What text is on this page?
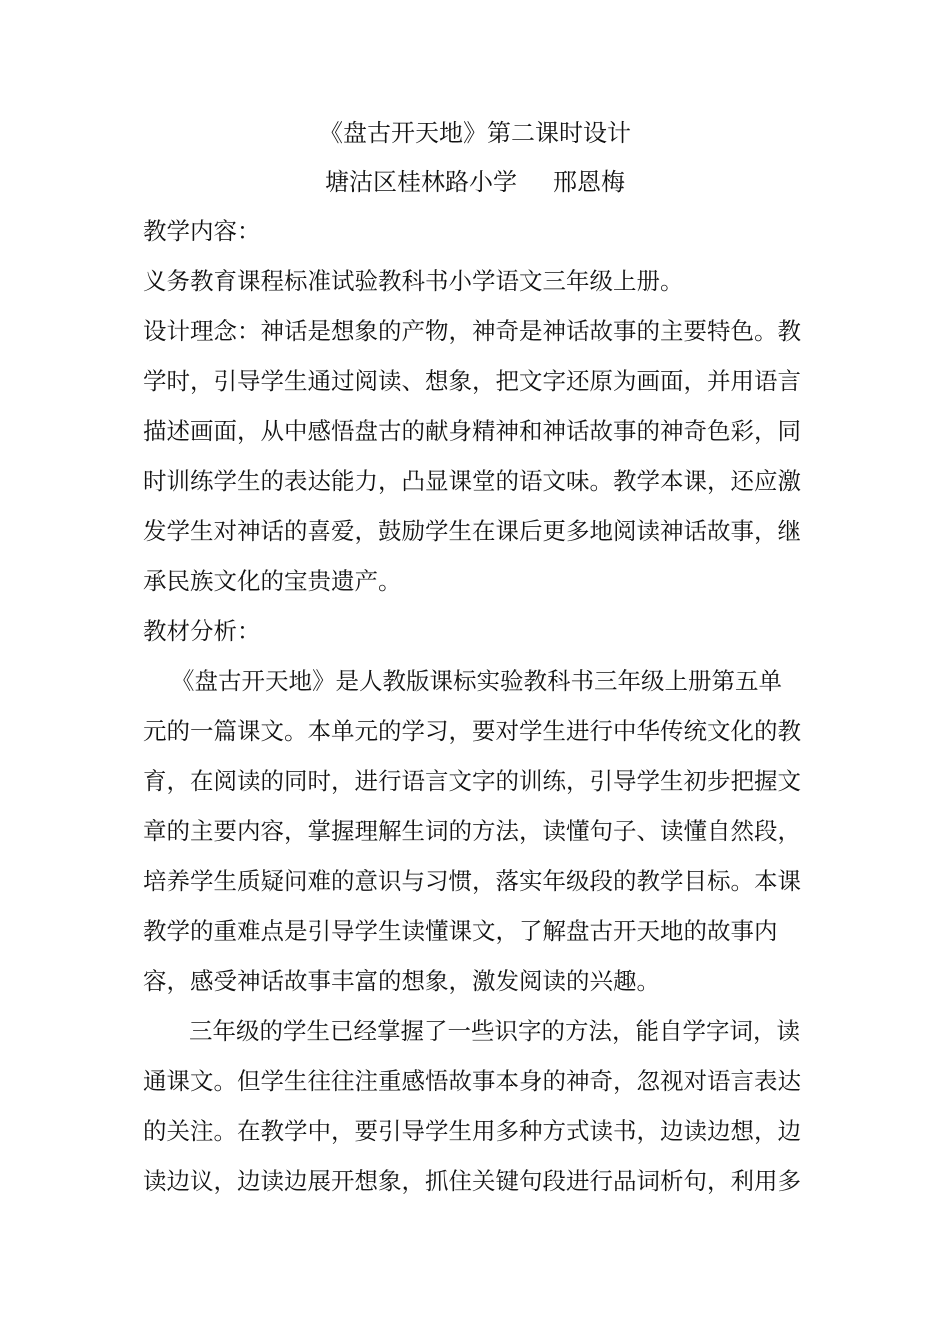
《盘古开天地》第二课时设计
塘沽区桂林路小学 邢恩梅
教学内容：
义务教育课程标准试验教科书小学语文三年级上册。
设计理念：神话是想象的产物，神奇是神话故事的主要特色。教
学时，引导学生通过阅读、想象，把文字还原为画面，并用语言
描述画面，从中感悟盘古的献身精神和神话故事的神奇色彩，同
时训练学生的表达能力，凸显课堂的语文味。教学本课，还应激
发学生对神话的喜爱，鼓励学生在课后更多地阅读神话故事，继
承民族文化的宝贵遗产。
教材分析：
《盘古开天地》是人教版课标实验教科书三年级上册第五单
元的一篇课文。本单元的学习，要对学生进行中华传统文化的教
育，在阅读的同时，进行语言文字的训练，引导学生初步把握文
章的主要内容，掌握理解生词的方法，读懂句子、读懂自然段，
培养学生质疑问难的意识与习惯，落实年级段的教学目标。本课
教学的重难点是引导学生读懂课文，了解盘古开天地的故事内
容，感受神话故事丰富的想象，激发阅读的兴趣。
三年级的学生已经掌握了一些识字的方法，能自学字词，读
通课文。但学生往往注重感悟故事本身的神奇，忽视对语言表达
的关注。在教学中，要引导学生用多种方式读书，边读边想，边
读边议，边读边展开想象，抓住关键句段进行品词析句，利用多
